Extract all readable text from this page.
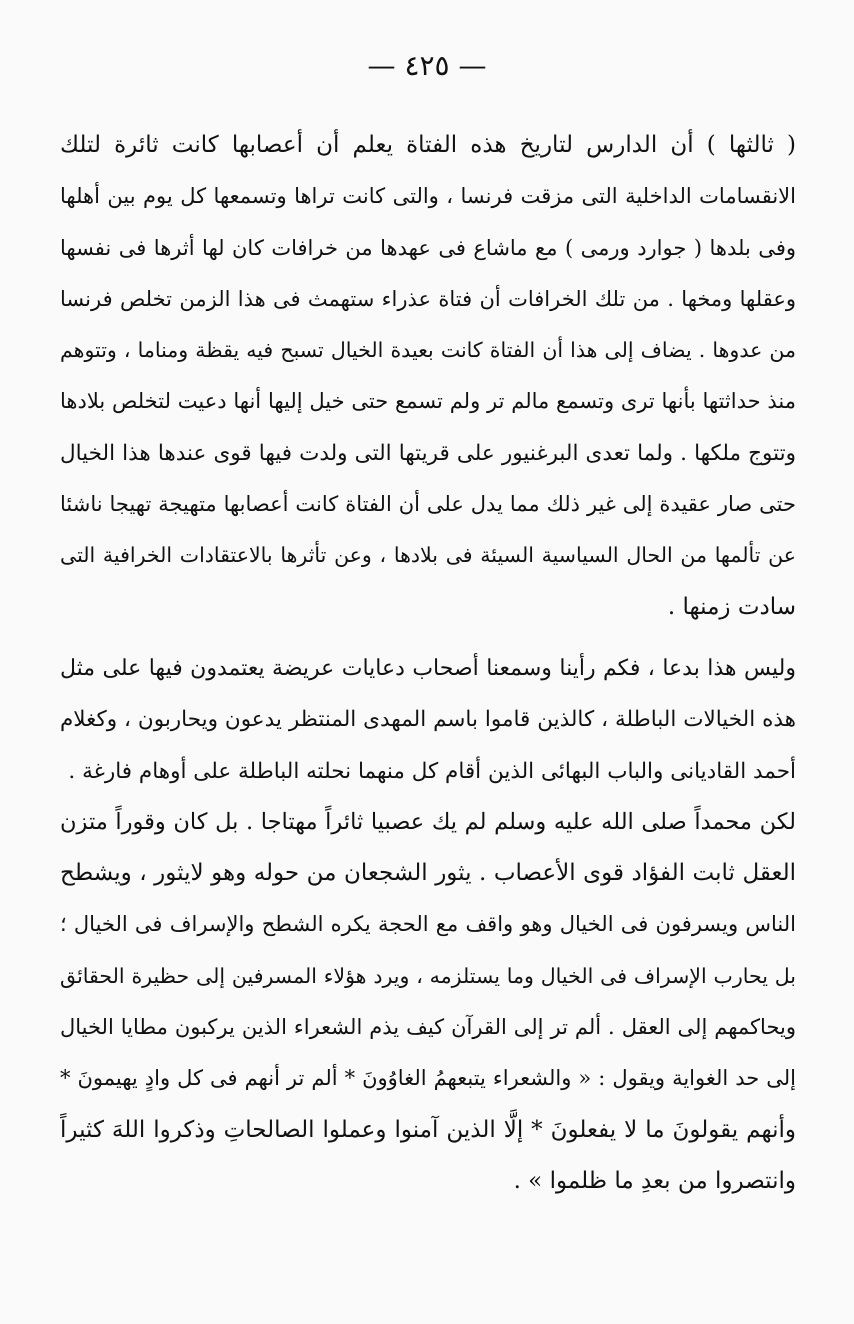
— ٤٢٥ —
( ثالثها ) أن الدارس لتاريخ هذه الفتاة يعلم أن أعصابها كانت ثائرة لتلك
الانقسامات الداخلية التى مزقت فرنسا ، والتى كانت تراها وتسمعها كل يوم بين أهلها
وفى بلدها ( جوارد ورمى ) مع ماشاع فى عهدها من خرافات كان لها أثرها فى نفسها
وعقلها ومخها . من تلك الخرافات أن فتاة عذراء ستهمث فى هذا الزمن تخلص فرنسا
من عدوها . يضاف إلى هذا أن الفتاة كانت بعيدة الخيال تسبح فيه يقظة ومناما ، وتتوهم
منذ حداثتها بأنها ترى وتسمع مالم تر ولم تسمع حتى خيل إليها أنها دعيت لتخلص بلادها
وتتوج ملكها . ولما تعدى البرغنيور على قريتها التى ولدت فيها قوى عندها هذا الخيال
حتى صار عقيدة إلى غير ذلك مما يدل على أن الفتاة كانت أعصابها متهيجة تهيجا ناشئا
عن تألمها من الحال السياسية السيئة فى بلادها ، وعن تأثرها بالاعتقادات الخرافية التى
سادت زمنها .
وليس هذا بدعا ، فكم رأينا وسمعنا أصحاب دعايات عريضة يعتمدون فيها على مثل
هذه الخيالات الباطلة ، كالذين قاموا باسم المهدى المنتظر يدعون ويحاربون ، وكغلام
أحمد القاديانى والباب البهائى الذين أقام كل منهما نحلته الباطلة على أوهام فارغة .
لكن محمداً صلى الله عليه وسلم لم يك عصبيا ثائراً مهتاجا . بل كان وقوراً متزن
العقل ثابت الفؤاد قوى الأعصاب . يثور الشجعان من حوله وهو لايثور ، ويشطح
الناس ويسرفون فى الخيال وهو واقف مع الحجة يكره الشطح والإسراف فى الخيال ؛
بل يحارب الإسراف فى الخيال وما يستلزمه ، ويرد هؤلاء المسرفين إلى حظيرة الحقائق
ويحاكمهم إلى العقل . ألم تر إلى القرآن كيف يذم الشعراء الذين يركبون مطايا الخيال
إلى حد الغواية ويقول : « والشعراء يتبعهمُ الغاوُونَ * ألم تر أنهم فى كل وادٍ يهيمونَ *
وأنهم يقولونَ ما لا يفعلونَ * إلَّا الذين آمنوا وعملوا الصالحاتِ وذكروا اللهَ كثيراً
وانتصروا من بعدِ ما ظلموا » .
